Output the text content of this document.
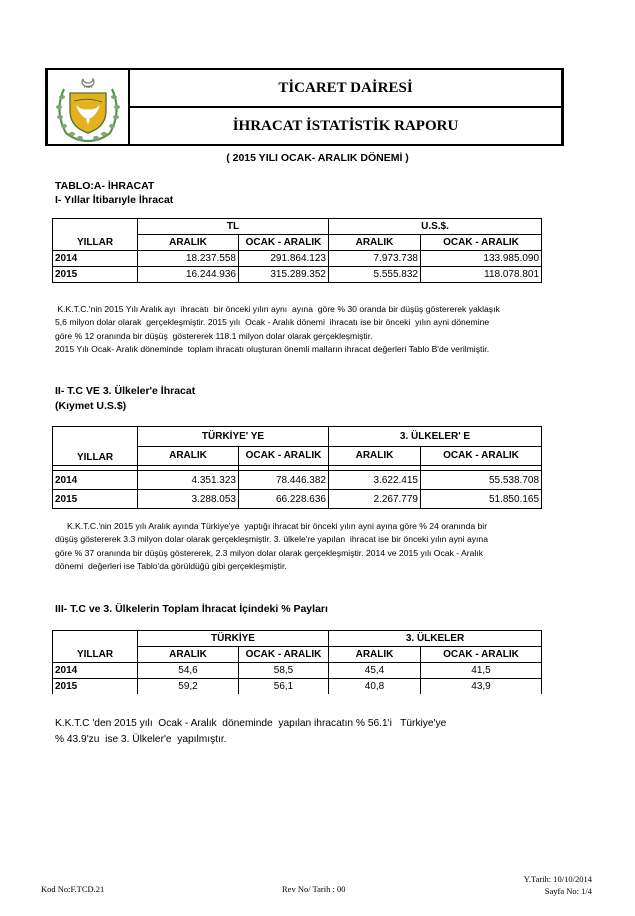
1983	TİCARET DAİRESİ
İHRACAT İSTATİSTİK RAPORU
( 2015 YILI OCAK- ARALIK DÖNEMİ )
TABLO:A- İHRACAT
I- Yıllar İtibarıyle İhracat
YILLAR	TL		U.S.$.	
	ARALIK	OCAK - ARALIK	ARALIK	OCAK - ARALIK
2014	18.237.558	291.864.123	7.973.738	133.985.090
2015	16.244.936	315.289.352	5.555.832	118.078.801
K.K.T.C.'nin 2015 Yılı Aralık ayı  ihracatı  bir önceki yılın aynı  ayına  göre % 30 oranda bir düşüş göstererek yaklaşık
5,6 milyon dolar olarak  gerçekleşmiştir. 2015 yılı  Ocak - Aralık dönemi  ihracatı ise bir önceki  yılın ayni dönemine
göre % 12 oranında bir düşüş  göstererek 118.1 milyon dolar olarak gerçekleşmiştir.
2015 Yılı Ocak- Aralık döneminde  toplam ihracatı oluşturan önemli malların ihracat değerleri Tablo B'de verilmiştir.
II- T.C VE 3. Ülkeler'e İhracat
(Kıymet U.S.$)
YILLAR	TÜRKİYE' YE		3. ÜLKELER' E	
	ARALIK	OCAK - ARALIK	ARALIK	OCAK - ARALIK

2014	4.351.323	78.446.382	3.622.415	55.538.708
2015	3.288.053	66.228.636	2.267.779	51.850.165
K.K.T.C.'nin 2015 yılı Aralık ayında Türkiye'ye  yaptığı ihracat bir önceki yılın ayni ayına göre % 24 oranında bir
düşüş göstererek 3.3 milyon dolar olarak gerçekleşmiştir. 3. ülkele're yapılan  ihracat ise bir önceki yılın ayni ayına
göre % 37 oranında bir düşüş göstererek, 2.3 milyon dolar olarak gerçekleşmiştir. 2014 ve 2015 yılı Ocak - Aralık
dönemi  değerleri ise Tablo'da görüldüğü gibi gerçekleşmiştir.
III- T.C ve 3. Ülkelerin Toplam İhracat İçindeki % Payları
YILLAR	TÜRKİYE		3. ÜLKELER	
	ARALIK	OCAK - ARALIK	ARALIK	OCAK - ARALIK
2014	54,6	58,5	45,4	41,5
2015	59,2	56,1	40,8	43,9
K.K.T.C 'den 2015 yılı  Ocak - Aralık  döneminde  yapılan ihracatın % 56.1'i   Türkiye'ye
% 43.9'zu  ise 3. Ülkeler'e  yapılmıştır.
Kod No:F.TCD.21	Rev No/ Tarih : 00
Y.Tarih: 10/10/2014
Sayfa No: 1/4
